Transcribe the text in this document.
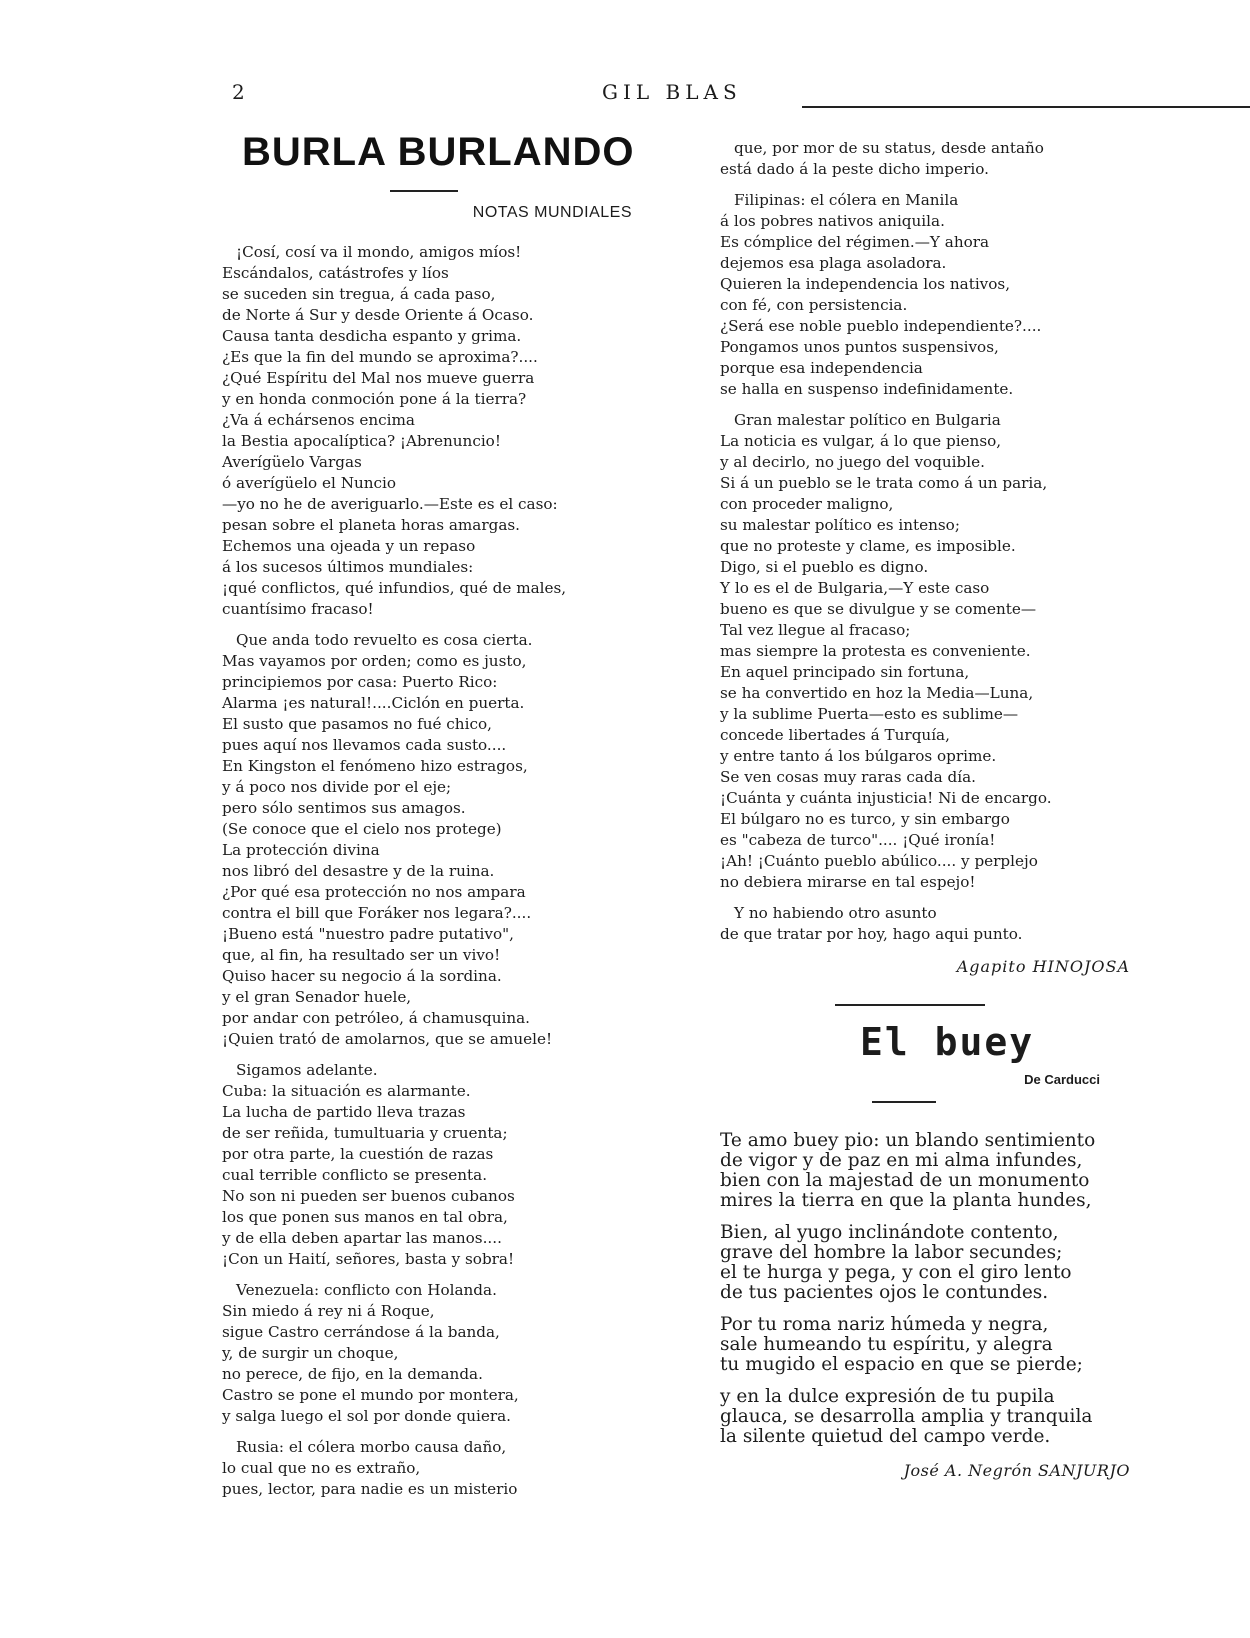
2	GIL BLAS
BURLA BURLANDO
NOTAS MUNDIALES
¡Cosí, cosí va il mondo, amigos míos!
Escándalos, catástrofes y líos
se suceden sin tregua, á cada paso,
de Norte á Sur y desde Oriente á Ocaso.
Causa tanta desdicha espanto y grima.
¿Es que la fin del mundo se aproxima?....
¿Qué Espíritu del Mal nos mueve guerra
y en honda conmoción pone á la tierra?
¿Va á echársenos encima
la Bestia apocalíptica? ¡Abrenuncio!
Averígüelo Vargas
ó averígüelo el Nuncio
—yo no he de averiguarlo.—Este es el caso:
pesan sobre el planeta horas amargas.
Echemos una ojeada y un repaso
á los sucesos últimos mundiales:
¡qué conflictos, qué infundios, qué de males,
cuantísimo fracaso!
Que anda todo revuelto es cosa cierta.
Mas vayamos por orden; como es justo,
principiemos por casa: Puerto Rico:
Alarma ¡es natural!....Ciclón en puerta.
El susto que pasamos no fué chico,
pues aquí nos llevamos cada susto....
En Kingston el fenómeno hizo estragos,
y á poco nos divide por el eje;
pero sólo sentimos sus amagos.
(Se conoce que el cielo nos protege)
La protección divina
nos libró del desastre y de la ruina.
¿Por qué esa protección no nos ampara
contra el bill que Foráker nos legara?....
¡Bueno está "nuestro padre putativo",
que, al fin, ha resultado ser un vivo!
Quiso hacer su negocio á la sordina.
y el gran Senador huele,
por andar con petróleo, á chamusquina.
¡Quien trató de amolarnos, que se amuele!
Sigamos adelante.
Cuba: la situación es alarmante.
La lucha de partido lleva trazas
de ser reñida, tumultuaria y cruenta;
por otra parte, la cuestión de razas
cual terrible conflicto se presenta.
No son ni pueden ser buenos cubanos
los que ponen sus manos en tal obra,
y de ella deben apartar las manos....
¡Con un Haití, señores, basta y sobra!
Venezuela: conflicto con Holanda.
Sin miedo á rey ni á Roque,
sigue Castro cerrándose á la banda,
y, de surgir un choque,
no perece, de fijo, en la demanda.
Castro se pone el mundo por montera,
y salga luego el sol por donde quiera.
Rusia: el cólera morbo causa daño,
lo cual que no es extraño,
pues, lector, para nadie es un misterio
que, por mor de su status, desde antaño
está dado á la peste dicho imperio.
Filipinas: el cólera en Manila
á los pobres nativos aniquila.
Es cómplice del régimen.—Y ahora
dejemos esa plaga asoladora.
Quieren la independencia los nativos,
con fé, con persistencia.
¿Será ese noble pueblo independiente?....
Pongamos unos puntos suspensivos,
porque esa independencia
se halla en suspenso indefinidamente.
Gran malestar político en Bulgaria
La noticia es vulgar, á lo que pienso,
y al decirlo, no juego del voquible.
Si á un pueblo se le trata como á un paria,
con proceder maligno,
su malestar político es intenso;
que no proteste y clame, es imposible.
Digo, si el pueblo es digno.
Y lo es el de Bulgaria,—Y este caso
bueno es que se divulgue y se comente—
Tal vez llegue al fracaso;
mas siempre la protesta es conveniente.
En aquel principado sin fortuna,
se ha convertido en hoz la Media—Luna,
y la sublime Puerta—esto es sublime—
concede libertades á Turquía,
y entre tanto á los búlgaros oprime.
Se ven cosas muy raras cada día.
¡Cuánta y cuánta injusticia! Ni de encargo.
El búlgaro no es turco, y sin embargo
es "cabeza de turco".... ¡Qué ironía!
¡Ah! ¡Cuánto pueblo abúlico.... y perplejo
no debiera mirarse en tal espejo!
Y no habiendo otro asunto
de que tratar por hoy, hago aqui punto.
Agapito HINOJOSA
El buey
De Carducci
Te amo buey pio: un blando sentimiento
de vigor y de paz en mi alma infundes,
bien con la majestad de un monumento
mires la tierra en que la planta hundes,
Bien, al yugo inclinándote contento,
grave del hombre la labor secundes;
el te hurga y pega, y con el giro lento
de tus pacientes ojos le contundes.
Por tu roma nariz húmeda y negra,
sale humeando tu espíritu, y alegra
tu mugido el espacio en que se pierde;
y en la dulce expresión de tu pupila
glauca, se desarrolla amplia y tranquila
la silente quietud del campo verde.
José A. Negrón SANJURJO
